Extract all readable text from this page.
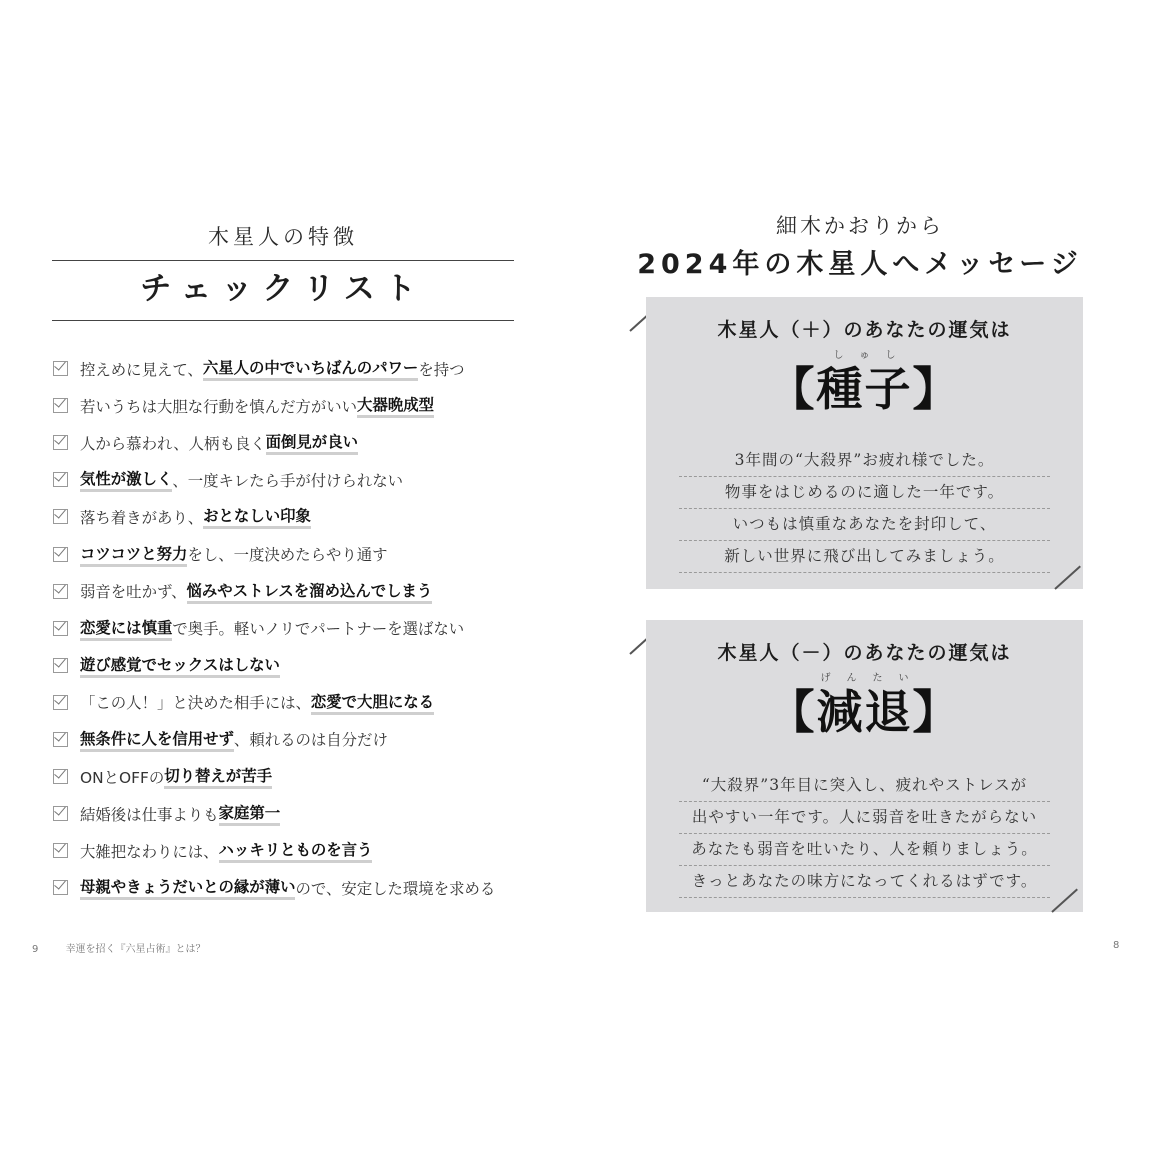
木星人の特徴
チェックリスト
控えめに見えて、 六星人の中でいちばんのパワー を持つ
若いうちは大胆な行動を慎んだ方がいい 大器晩成型
人から慕われ、人柄も良く 面倒見が良い
気性が激しく 、一度キレたら手が付けられない
落ち着きがあり、 おとなしい印象
コツコツと努力 をし、一度決めたらやり通す
弱音を吐かず、 悩みやストレスを溜め込んでしまう
恋愛には慎重 で奥手。軽いノリでパートナーを選ばない
遊び感覚でセックスはしない
「この人！」と決めた相手には、 恋愛で大胆になる
無条件に人を信用せず 、頼れるのは自分だけ
ONとOFFの 切り替えが苦手
結婚後は仕事よりも 家庭第一
大雑把なわりには、 ハッキリとものを言う
母親やきょうだいとの縁が薄い ので、安定した環境を求める
9	幸運を招く『六星占術』とは？
細木かおりから
2024年の木星人へメッセージ
木星人（＋）のあなたの運気は
しゅし
【種子】
3年間の“大殺界”お疲れ様でした。
物事をはじめるのに適した一年です。
いつもは慎重なあなたを封印して、
新しい世界に飛び出してみましょう。
木星人（－）のあなたの運気は
げんたい
【減退】
“大殺界”3年目に突入し、疲れやストレスが
出やすい一年です。人に弱音を吐きたがらない
あなたも弱音を吐いたり、人を頼りましょう。
きっとあなたの味方になってくれるはずです。
8
